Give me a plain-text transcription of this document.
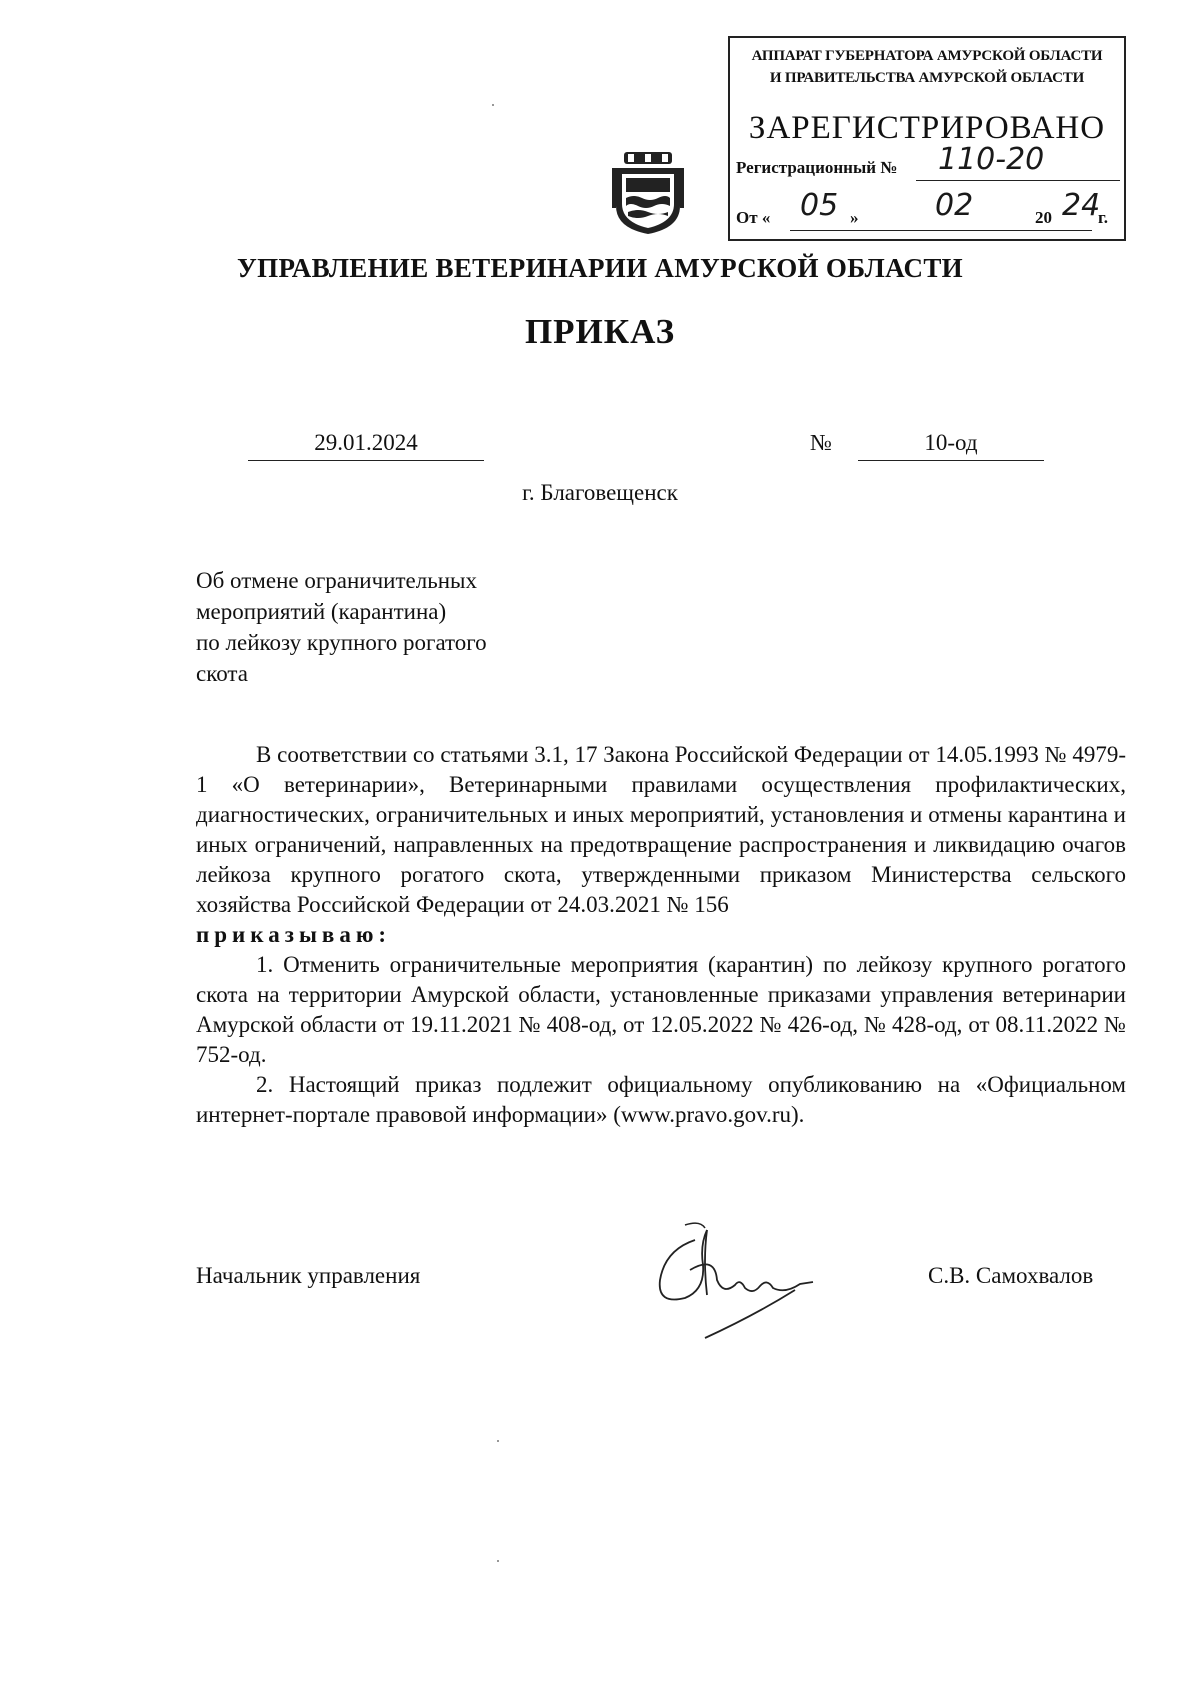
АППАРАТ ГУБЕРНАТОРА АМУРСКОЙ ОБЛАСТИ
И ПРАВИТЕЛЬСТВА АМУРСКОЙ ОБЛАСТИ
ЗАРЕГИСТРИРОВАНО
Регистрационный № 110-20
От « 05 »	02	20 24
г.
УПРАВЛЕНИЕ ВЕТЕРИНАРИИ АМУРСКОЙ ОБЛАСТИ
ПРИКАЗ
29.01.2024	№	10-од
г. Благовещенск
Об отмене ограничительных
мероприятий (карантина)
по лейкозу крупного рогатого
скота

В соответствии со статьями 3.1, 17 Закона Российской Федерации от 14.05.1993 № 4979-1 «О ветеринарии», Ветеринарными правилами осуществления профилактических, диагностических, ограничительных и иных мероприятий, установления и отмены карантина и иных ограничений, направленных на предотвращение распространения и ликвидацию очагов лейкоза крупного рогатого скота, утвержденными приказом Министерства сельского хозяйства Российской Федерации от 24.03.2021 № 156

приказываю:

1. Отменить ограничительные мероприятия (карантин) по лейкозу крупного рогатого скота на территории Амурской области, установленные приказами управления ветеринарии Амурской области от 19.11.2021 № 408-од, от 12.05.2022 № 426-од, № 428-од, от 08.11.2022 № 752-од.

2. Настоящий приказ подлежит официальному опубликованию на «Официальном интернет-портале правовой информации» (www.pravo.gov.ru).

Начальник управления	С.В. Самохвалов
